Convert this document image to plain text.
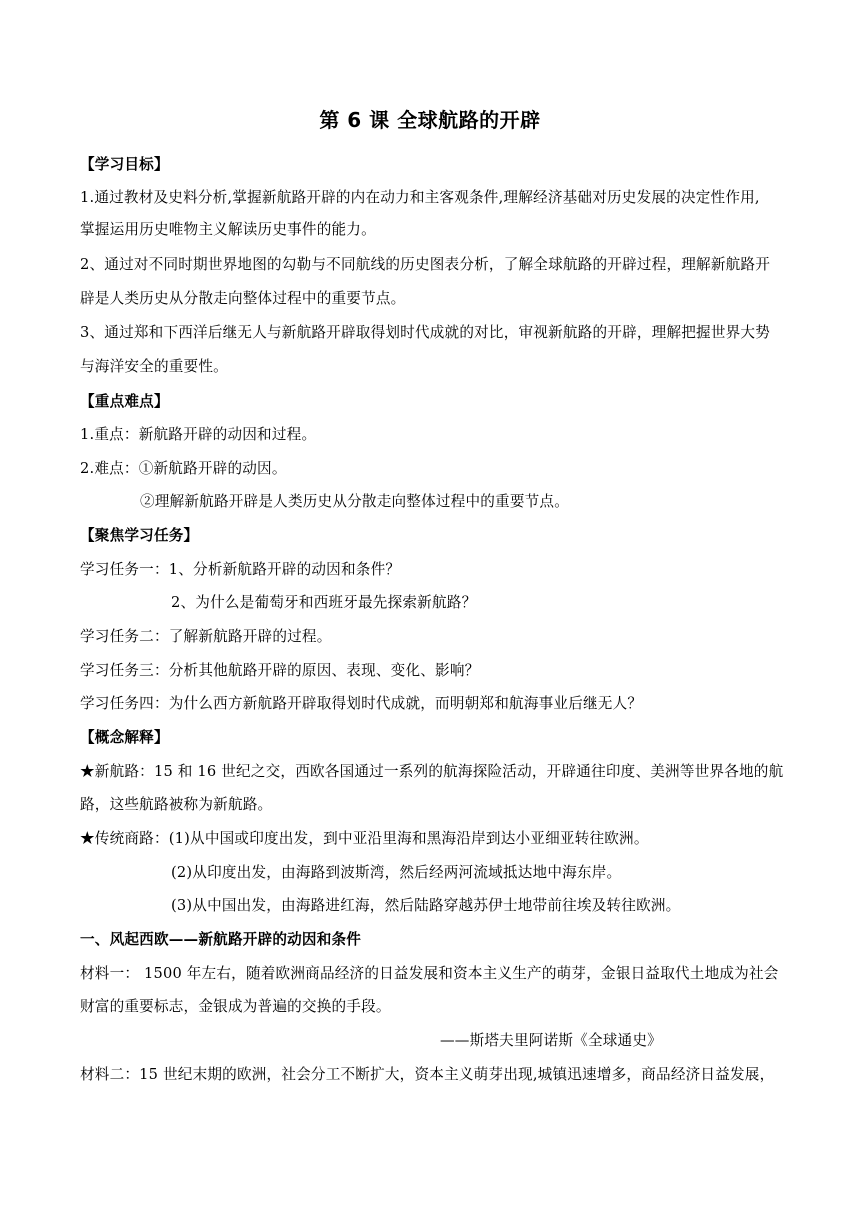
第 6 课 全球航路的开辟
【学习目标】
1.通过教材及史料分析,掌握新航路开辟的内在动力和主客观条件,理解经济基础对历史发展的决定性作用,
掌握运用历史唯物主义解读历史事件的能力。
2、通过对不同时期世界地图的勾勒与不同航线的历史图表分析，了解全球航路的开辟过程，理解新航路开
辟是人类历史从分散走向整体过程中的重要节点。
3、通过郑和下西洋后继无人与新航路开辟取得划时代成就的对比，审视新航路的开辟，理解把握世界大势
与海洋安全的重要性。
【重点难点】
1.重点：新航路开辟的动因和过程。
2.难点：①新航路开辟的动因。
②理解新航路开辟是人类历史从分散走向整体过程中的重要节点。
【聚焦学习任务】
学习任务一：1、分析新航路开辟的动因和条件？
2、为什么是葡萄牙和西班牙最先探索新航路？
学习任务二：了解新航路开辟的过程。
学习任务三：分析其他航路开辟的原因、表现、变化、影响？
学习任务四：为什么西方新航路开辟取得划时代成就，而明朝郑和航海事业后继无人？
【概念解释】
★新航路：15 和 16 世纪之交，西欧各国通过一系列的航海探险活动，开辟通往印度、美洲等世界各地的航
路，这些航路被称为新航路。
★传统商路：(1)从中国或印度出发，到中亚沿里海和黑海沿岸到达小亚细亚转往欧洲。
(2)从印度出发，由海路到波斯湾，然后经两河流域抵达地中海东岸。
(3)从中国出发，由海路进红海，然后陆路穿越苏伊士地带前往埃及转往欧洲。
一、风起西欧——新航路开辟的动因和条件
材料一： 1500 年左右，随着欧洲商品经济的日益发展和资本主义生产的萌芽，金银日益取代土地成为社会
财富的重要标志，金银成为普遍的交换的手段。
——斯塔夫里阿诺斯《全球通史》
材料二：15 世纪末期的欧洲，社会分工不断扩大，资本主义萌芽出现,城镇迅速增多，商品经济日益发展，
